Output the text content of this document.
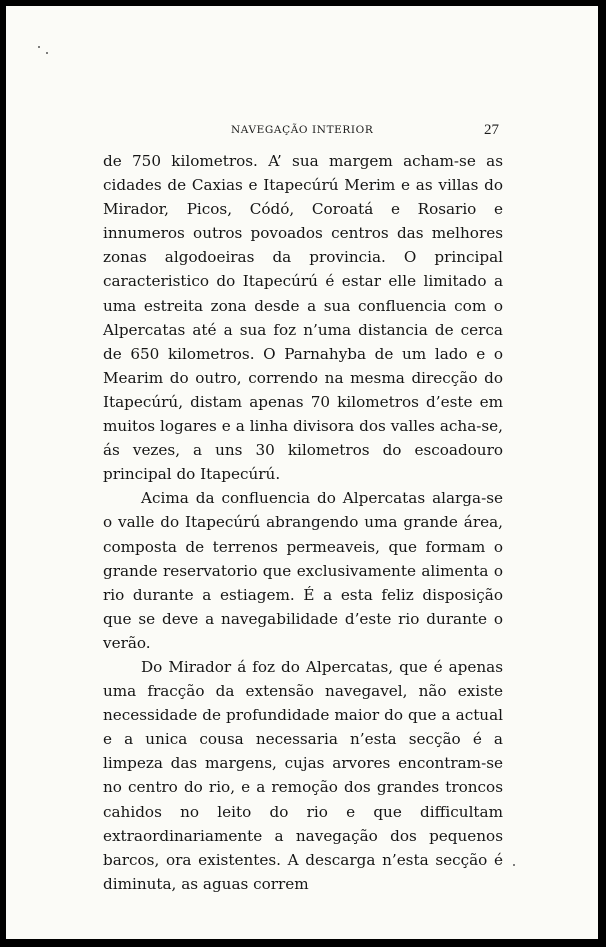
NAVEGAÇÃO INTERIOR	27

de 750 kilometros. A’ sua margem acham-se as cidades de Caxias e Itapecúrú Merim e as villas do Mirador, Picos, Códó, Coroatá e Rosario e innumeros outros povoados centros das melhores zonas algodoeiras da provincia. O principal caracteristico do Itapecúrú é estar elle limitado a uma estreita zona desde a sua confluencia com o Alpercatas até a sua foz n’uma distancia de cerca de 650 kilometros. O Parnahyba de um lado e o Mearim do outro, correndo na mesma direcção do Itapecúrú, distam apenas 70 kilometros d’este em muitos logares e a linha divisora dos valles acha-se, ás vezes, a uns 30 kilometros do escoadouro principal do Itapecúrú.

Acima da confluencia do Alpercatas alarga-se o valle do Itapecúrú abrangendo uma grande área, composta de terrenos permeaveis, que formam o grande reservatorio que exclusivamente alimenta o rio durante a estiagem. É a esta feliz disposição que se deve a navegabilidade d’este rio durante o verão.

Do Mirador á foz do Alpercatas, que é apenas uma fracção da extensão navegavel, não existe necessidade de profundidade maior do que a actual e a unica cousa necessaria n’esta secção é a limpeza das margens, cujas arvores encontram-se no centro do rio, e a remoção dos grandes troncos cahidos no leito do rio e que difficultam extraordinariamente a navegação dos pequenos barcos, ora existentes. A descarga n’esta secção é diminuta, as aguas correm
